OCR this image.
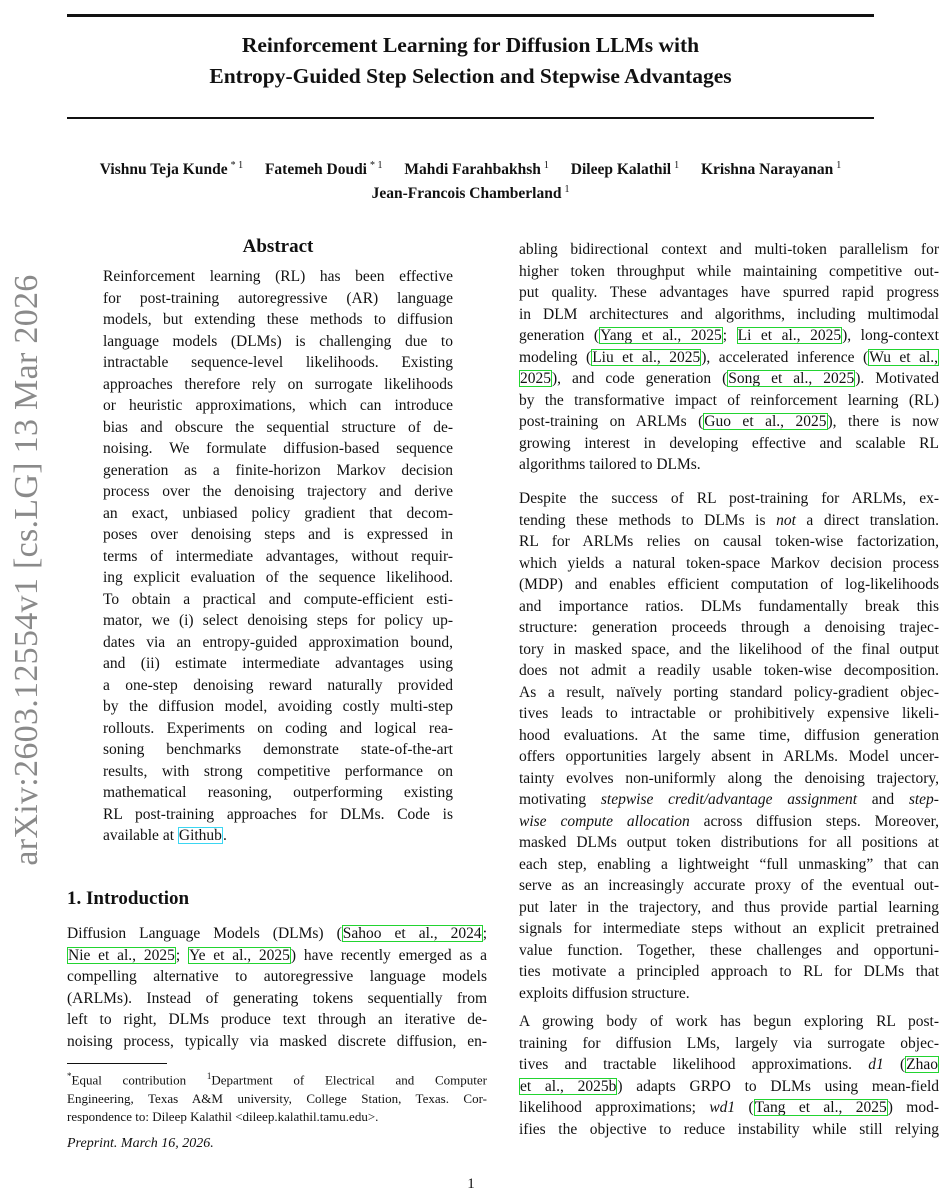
Reinforcement Learning for Diffusion LLMs with
Entropy-Guided Step Selection and Stepwise Advantages
Vishnu Teja Kunde $^{* 1}$ Fatemeh Doudi $^{* 1}$ Mahdi Farahbakhsh $^1$ Dileep Kalathil $^1$ Krishna Narayanan $^1$
Jean-Francois Chamberland $^1$
arXiv:2603.12554v1 [cs.LG] 13 Mar 2026
Abstract
Reinforcement learning (RL) has been effective
for post-training autoregressive (AR) language
models, but extending these methods to diffusion
language models (DLMs) is challenging due to
intractable sequence-level likelihoods. Existing
approaches therefore rely on surrogate likelihoods
or heuristic approximations, which can introduce
bias and obscure the sequential structure of de-
noising. We formulate diffusion-based sequence
generation as a finite-horizon Markov decision
process over the denoising trajectory and derive
an exact, unbiased policy gradient that decom-
poses over denoising steps and is expressed in
terms of intermediate advantages, without requir-
ing explicit evaluation of the sequence likelihood.
To obtain a practical and compute-efficient esti-
mator, we (i) select denoising steps for policy up-
dates via an entropy-guided approximation bound,
and (ii) estimate intermediate advantages using
a one-step denoising reward naturally provided
by the diffusion model, avoiding costly multi-step
rollouts. Experiments on coding and logical rea-
soning benchmarks demonstrate state-of-the-art
results, with strong competitive performance on
mathematical reasoning, outperforming existing
RL post-training approaches for DLMs. Code is
available at Github.
1. Introduction
Diffusion Language Models (DLMs) (Sahoo et al., 2024;
Nie et al., 2025; Ye et al., 2025) have recently emerged as a
compelling alternative to autoregressive language models
(ARLMs). Instead of generating tokens sequentially from
left to right, DLMs produce text through an iterative de-
noising process, typically via masked discrete diffusion, en-
*Equal contribution $^1$Department of Electrical and Computer
Engineering, Texas A&M university, College Station, Texas. Cor-
respondence to: Dileep Kalathil <dileep.kalathil.tamu.edu>.
Preprint. March 16, 2026.
abling bidirectional context and multi-token parallelism for
higher token throughput while maintaining competitive out-
put quality. These advantages have spurred rapid progress
in DLM architectures and algorithms, including multimodal
generation (Yang et al., 2025; Li et al., 2025), long-context
modeling (Liu et al., 2025), accelerated inference (Wu et al.,
2025), and code generation (Song et al., 2025). Motivated
by the transformative impact of reinforcement learning (RL)
post-training on ARLMs (Guo et al., 2025), there is now
growing interest in developing effective and scalable RL
algorithms tailored to DLMs.
Despite the success of RL post-training for ARLMs, ex-
tending these methods to DLMs is not a direct translation.
RL for ARLMs relies on causal token-wise factorization,
which yields a natural token-space Markov decision process
(MDP) and enables efficient computation of log-likelihoods
and importance ratios. DLMs fundamentally break this
structure: generation proceeds through a denoising trajec-
tory in masked space, and the likelihood of the final output
does not admit a readily usable token-wise decomposition.
As a result, naïvely porting standard policy-gradient objec-
tives leads to intractable or prohibitively expensive likeli-
hood evaluations. At the same time, diffusion generation
offers opportunities largely absent in ARLMs. Model uncer-
tainty evolves non-uniformly along the denoising trajectory,
motivating stepwise credit/advantage assignment and step-
wise compute allocation across diffusion steps. Moreover,
masked DLMs output token distributions for all positions at
each step, enabling a lightweight “full unmasking” that can
serve as an increasingly accurate proxy of the eventual out-
put later in the trajectory, and thus provide partial learning
signals for intermediate steps without an explicit pretrained
value function. Together, these challenges and opportuni-
ties motivate a principled approach to RL for DLMs that
exploits diffusion structure.
A growing body of work has begun exploring RL post-
training for diffusion LMs, largely via surrogate objec-
tives and tractable likelihood approximations. d1 (Zhao
et al., 2025b) adapts GRPO to DLMs using mean-field
likelihood approximations; wd1 (Tang et al., 2025) mod-
ifies the objective to reduce instability while still relying
1
